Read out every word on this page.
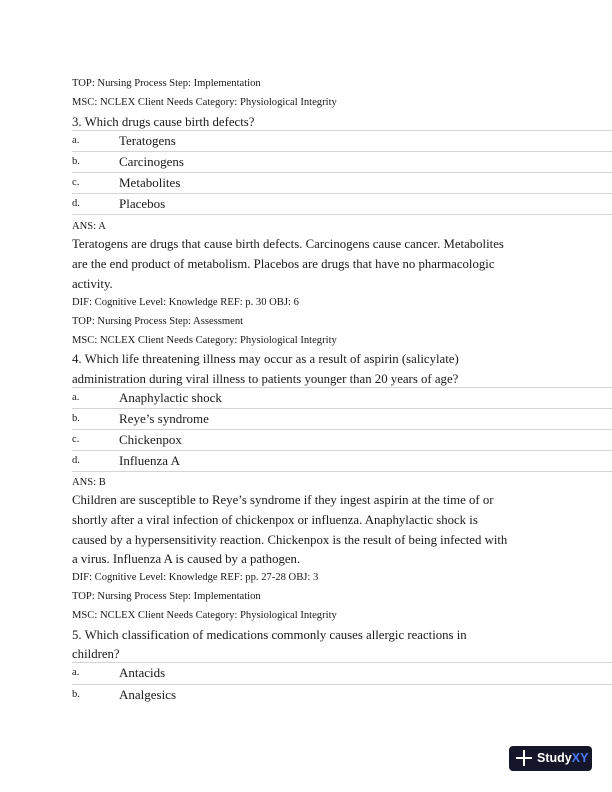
TOP: Nursing Process Step: Implementation
MSC: NCLEX Client Needs Category: Physiological Integrity
3. Which drugs cause birth defects?
a.	Teratogens
b.	Carcinogens
c.	Metabolites
d.	Placebos
ANS: A
Teratogens are drugs that cause birth defects. Carcinogens cause cancer. Metabolites
are the end product of metabolism. Placebos are drugs that have no pharmacologic
activity.
DIF: Cognitive Level: Knowledge REF: p. 30 OBJ: 6
TOP: Nursing Process Step: Assessment
MSC: NCLEX Client Needs Category: Physiological Integrity
4. Which life threatening illness may occur as a result of aspirin (salicylate)
administration during viral illness to patients younger than 20 years of age?
a.	Anaphylactic shock
b.	Reye’s syndrome
c.	Chickenpox
d.	Influenza A
ANS: B
Children are susceptible to Reye’s syndrome if they ingest aspirin at the time of or
shortly after a viral infection of chickenpox or influenza. Anaphylactic shock is
caused by a hypersensitivity reaction. Chickenpox is the result of being infected with
a virus. Influenza A is caused by a pathogen.
DIF: Cognitive Level: Knowledge REF: pp. 27-28 OBJ: 3
TOP: Nursing Process Step: Implementation
MSC: NCLEX Client Needs Category: Physiological Integrity
5. Which classification of medications commonly causes allergic reactions in
children?
a.	Antacids
b.	Analgesics
StudyXY
